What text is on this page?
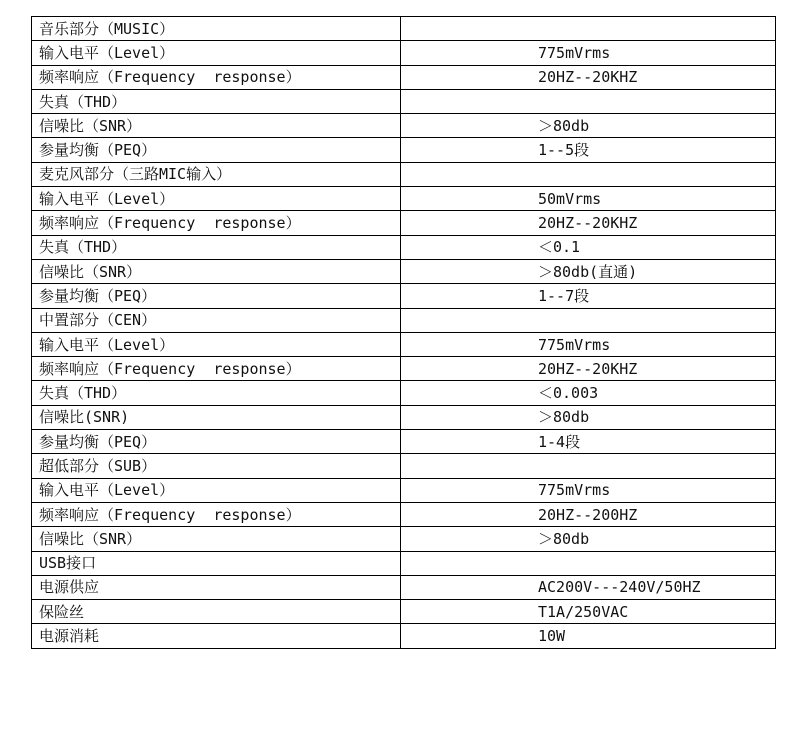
音乐部分（MUSIC）	
输入电平（Level）	775mVrms
频率响应（Frequency  response）	20HZ--20KHZ
失真（THD）	
信噪比（SNR）	＞80db
参量均衡（PEQ）	1--5段
麦克风部分（三路MIC输入）	
输入电平（Level）	50mVrms
频率响应（Frequency  response）	20HZ--20KHZ
失真（THD）	＜0.1
信噪比（SNR）	＞80db(直通)
参量均衡（PEQ）	1--7段
中置部分（CEN）	
输入电平（Level）	775mVrms
频率响应（Frequency  response）	20HZ--20KHZ
失真（THD）	＜0.003
信噪比(SNR)	＞80db
参量均衡（PEQ）	1-4段
超低部分（SUB）	
输入电平（Level）	775mVrms
频率响应（Frequency  response）	20HZ--200HZ
信噪比（SNR）	＞80db
USB接口	
电源供应	AC200V---240V/50HZ
保险丝	T1A/250VAC
电源消耗	10W
